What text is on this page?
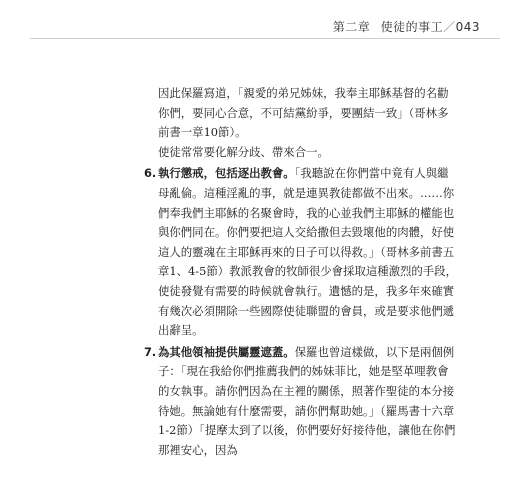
第二章 使徒的事工／043

因此保羅寫道，「親愛的弟兄姊妹，我奉主耶穌基督的名勸你們，要同心合意，不可結黨紛爭，要團結一致」（哥林多前書一章10節）。
使徒常常要化解分歧、帶來合一。

6. 執行懲戒，包括逐出教會。「我聽說在你們當中竟有人與繼母亂倫。這種淫亂的事，就是連異教徒都做不出來。……你們奉我們主耶穌的名聚會時，我的心並我們主耶穌的權能也與你們同在。你們要把這人交給撒但去毀壞他的肉體，好使這人的靈魂在主耶穌再來的日子可以得救。」（哥林多前書五章1、4-5節）教派教會的牧師很少會採取這種激烈的手段，使徒發覺有需要的時候就會執行。遺憾的是，我多年來確實有幾次必須開除一些國際使徒聯盟的會員，或是要求他們遞出辭呈。
7. 為其他領袖提供屬靈遮蓋。保羅也曾這樣做，以下是兩個例子：「現在我給你們推薦我們的姊妹菲比，她是堅革哩教會的女執事。請你們因為在主裡的關係，照著作聖徒的本分接待她。無論她有什麼需要，請你們幫助她。」（羅馬書十六章1-2節）「提摩太到了以後，你們要好好接待他，讓他在你們那裡安心，因為
